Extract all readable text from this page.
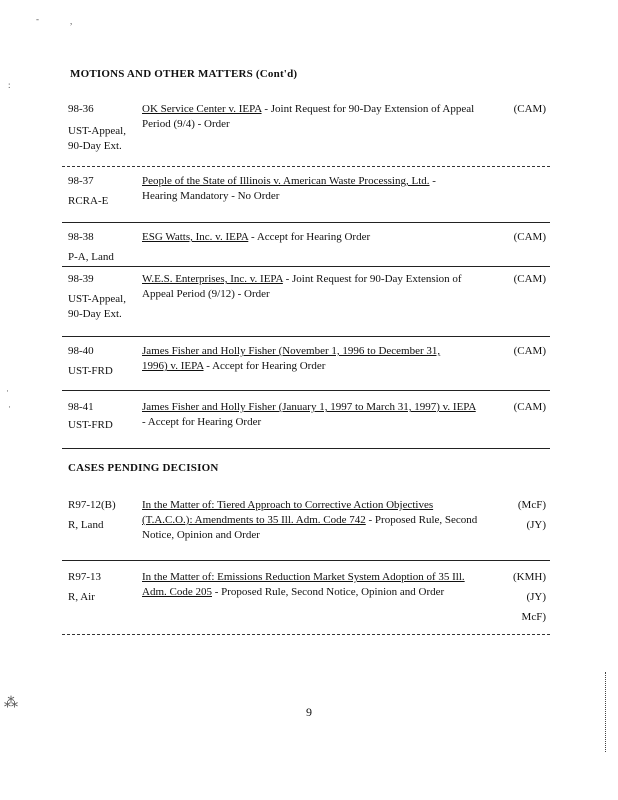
-	,
:
MOTIONS AND OTHER MATTERS (Cont'd)
98-36
UST-Appeal, 90-Day Ext.
OK Service Center v. IEPA - Joint Request for 90-Day Extension of Appeal Period (9/4) - Order
(CAM)
98-37
RCRA-E
People of the State of Illinois v. American Waste Processing, Ltd. - Hearing Mandatory - No Order
98-38
P-A, Land
ESG Watts, Inc. v. IEPA - Accept for Hearing Order	(CAM)
98-39
UST-Appeal, 90-Day Ext.
W.E.S. Enterprises, Inc. v. IEPA - Joint Request for 90-Day Extension of Appeal Period (9/12) - Order
(CAM)
98-40
UST-FRD
James Fisher and Holly Fisher (November 1, 1996 to December 31, 1996) v. IEPA - Accept for Hearing Order
(CAM)
98-41
UST-FRD
James Fisher and Holly Fisher (January 1, 1997 to March 31, 1997) v. IEPA - Accept for Hearing Order
(CAM)
CASES PENDING DECISION
R97-12(B)
R, Land
In the Matter of: Tiered Approach to Corrective Action Objectives (T.A.C.O.): Amendments to 35 Ill. Adm. Code 742 - Proposed Rule, Second Notice, Opinion and Order
(McF)
(JY)
R97-13
R, Air
In the Matter of: Emissions Reduction Market System Adoption of 35 Ill. Adm. Code 205 - Proposed Rule, Second Notice, Opinion and Order
(KMH)
(JY)
McF)
·
·
⁂
9
